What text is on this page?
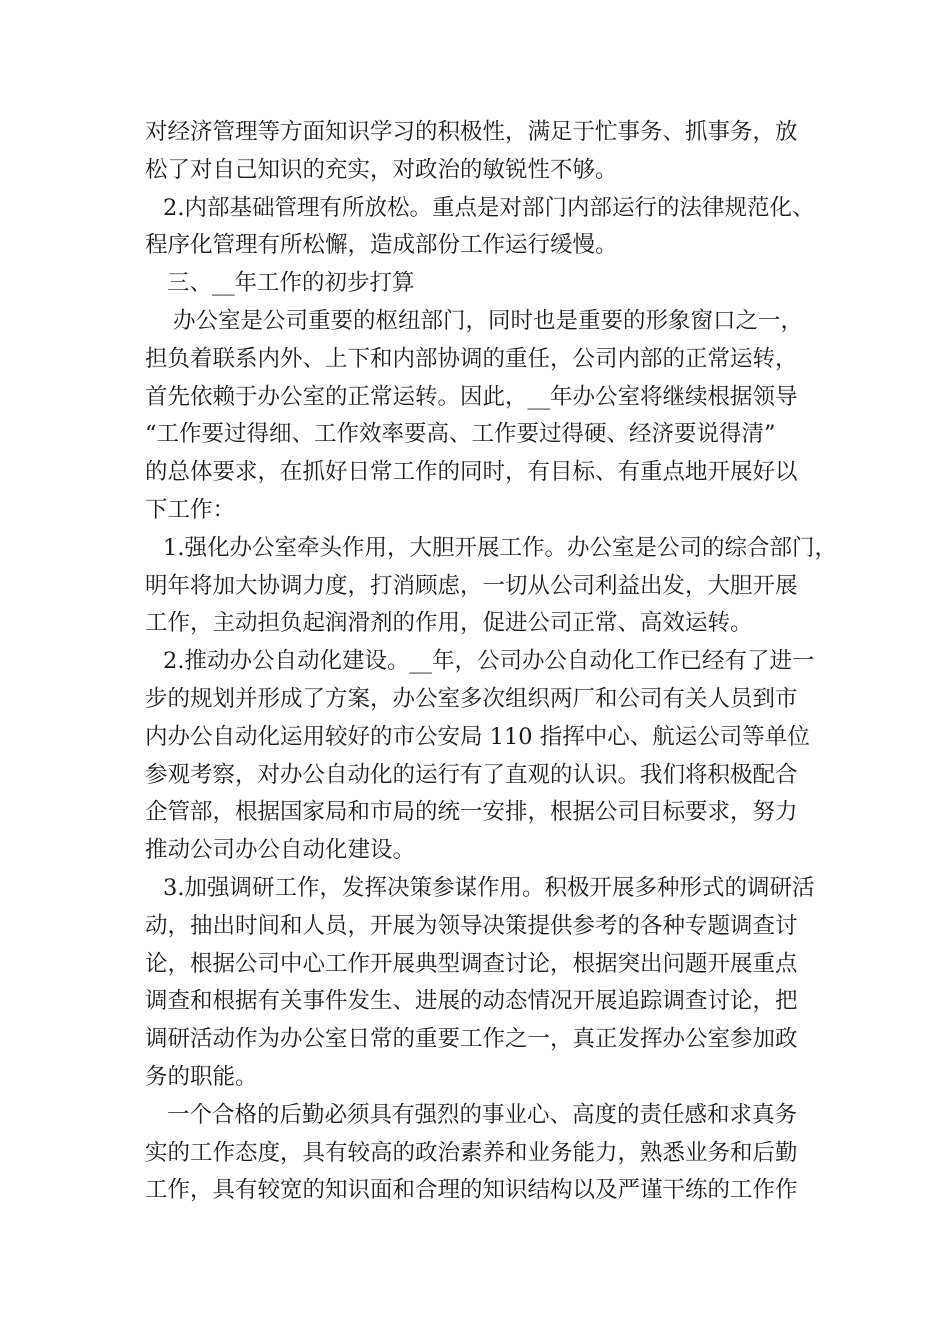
对经济管理等方面知识学习的积极性，满足于忙事务、抓事务，放
松了对自己知识的充实，对政治的敏锐性不够。
2.内部基础管理有所放松。重点是对部门内部运行的法律规范化、
程序化管理有所松懈，造成部份工作运行缓慢。
三、__年工作的初步打算
办公室是公司重要的枢纽部门，同时也是重要的形象窗口之一，
担负着联系内外、上下和内部协调的重任，公司内部的正常运转，
首先依赖于办公室的正常运转。因此，__年办公室将继续根据领导
“工作要过得细、工作效率要高、工作要过得硬、经济要说得清”
的总体要求，在抓好日常工作的同时，有目标、有重点地开展好以
下工作：
1.强化办公室牵头作用，大胆开展工作。办公室是公司的综合部门，
明年将加大协调力度，打消顾虑，一切从公司利益出发，大胆开展
工作，主动担负起润滑剂的作用，促进公司正常、高效运转。
2.推动办公自动化建设。__年，公司办公自动化工作已经有了进一
步的规划并形成了方案，办公室多次组织两厂和公司有关人员到市
内办公自动化运用较好的市公安局 110 指挥中心、航运公司等单位
参观考察，对办公自动化的运行有了直观的认识。我们将积极配合
企管部，根据国家局和市局的统一安排，根据公司目标要求，努力
推动公司办公自动化建设。
3.加强调研工作，发挥决策参谋作用。积极开展多种形式的调研活
动，抽出时间和人员，开展为领导决策提供参考的各种专题调查讨
论，根据公司中心工作开展典型调查讨论，根据突出问题开展重点
调查和根据有关事件发生、进展的动态情况开展追踪调查讨论，把
调研活动作为办公室日常的重要工作之一，真正发挥办公室参加政
务的职能。
一个合格的后勤必须具有强烈的事业心、高度的责任感和求真务
实的工作态度，具有较高的政治素养和业务能力，熟悉业务和后勤
工作，具有较宽的知识面和合理的知识结构以及严谨干练的工作作
